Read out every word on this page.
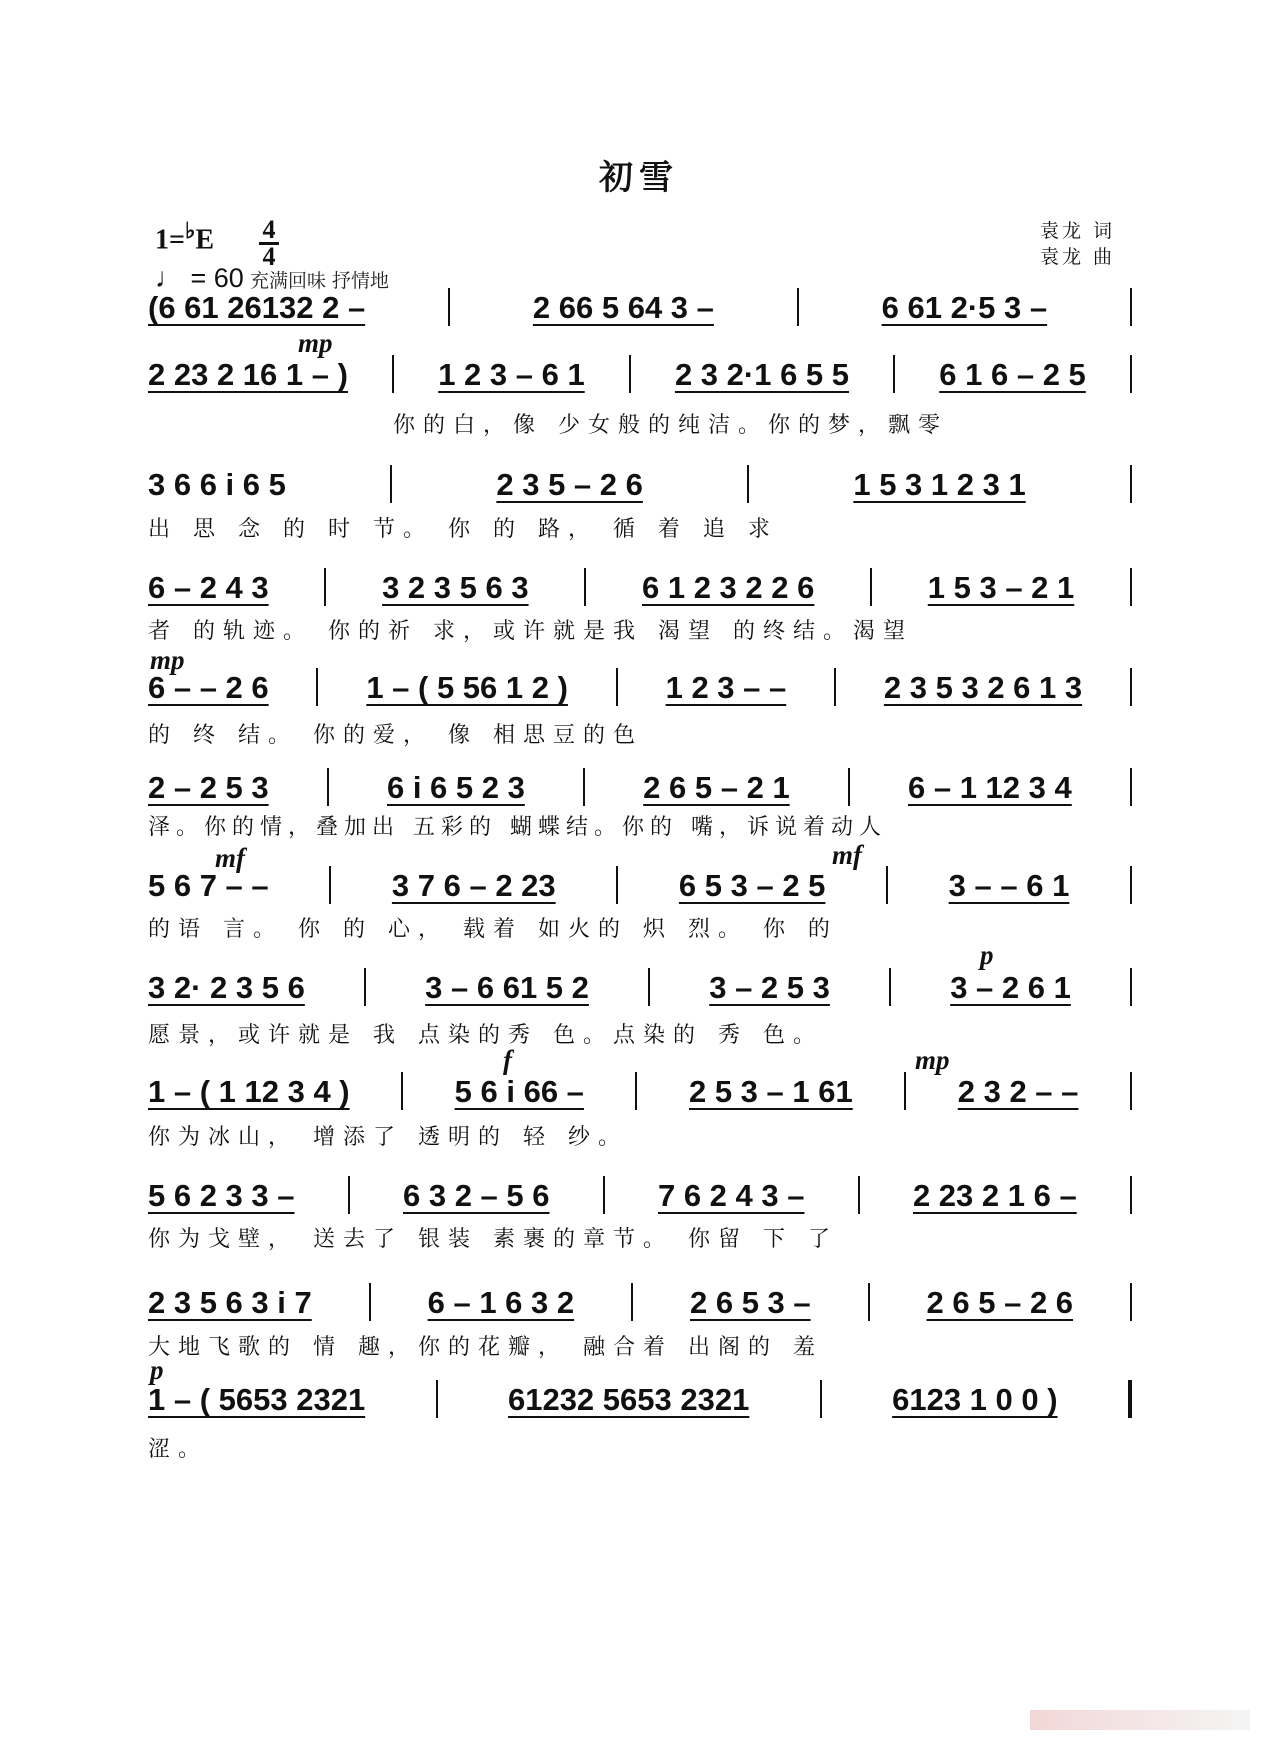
初雪
1=♭E 4
4
♩ = 60 充满回味 抒情地
袁龙 词
袁龙 曲
mp
mp
mf	mf
p
f	mp
p
(6 61 26132 2 –	2 66 5 64 3 –	6 61 2·5 3 –
2 23 2 16 1 – )	1 2 3 – 6 1	2 3 2·1 6 5 5	6 1 6 – 2 5
你的白，像 少女般的纯洁。你的梦，飘零
3 6 6 i 6 5	2 3 5 – 2 6	1 5 3 1 2 3 1
出 思 念 的 时 节。 你 的 路， 循 着 追 求
6 – 2 4 3	3 2 3 5 6 3	6 1 2 3 2 2 6	1 5 3 – 2 1
者 的轨迹。 你的祈 求，或许就是我 渴望 的终结。渴望
6 – – 2 6	1 – ( 5 56 1 2 )	1 2 3 – –	2 3 5 3 2 6 1 3
的 终 结。 你的爱， 像 相思豆的色
2 – 2 5 3	6 i 6 5 2 3	2 6 5 – 2 1	6 – 1 12 3 4
泽。你的情，叠加出 五彩的 蝴蝶结。你的 嘴，诉说着动人
5 6 7 – –	3 7 6 – 2 23	6 5 3 – 2 5	3 – – 6 1
的语 言。 你 的 心， 载着 如火的 炽 烈。 你 的
3 2· 2 3 5 6	3 – 6 61 5 2	3 – 2 5 3	3 – 2 6 1
愿景，或许就是 我 点染的秀 色。点染的 秀 色。
1 – ( 1 12 3 4 )	5 6 i 66 –	2 5 3 – 1 61	2 3 2 – –
你为冰山， 增添了 透明的 轻 纱。
5 6 2 3 3 –	6 3 2 – 5 6	7 6 2 4 3 –	2 23 2 1 6 –
你为戈壁， 送去了 银装 素裹的章节。 你留 下 了
2 3 5 6 3 i 7	6 – 1 6 3 2	2 6 5 3 –	2 6 5 – 2 6
大地飞歌的 情 趣，你的花瓣， 融合着 出阁的 羞
1 – ( 5653 2321	61232 5653 2321	6123 1 0 0 )
涩。
